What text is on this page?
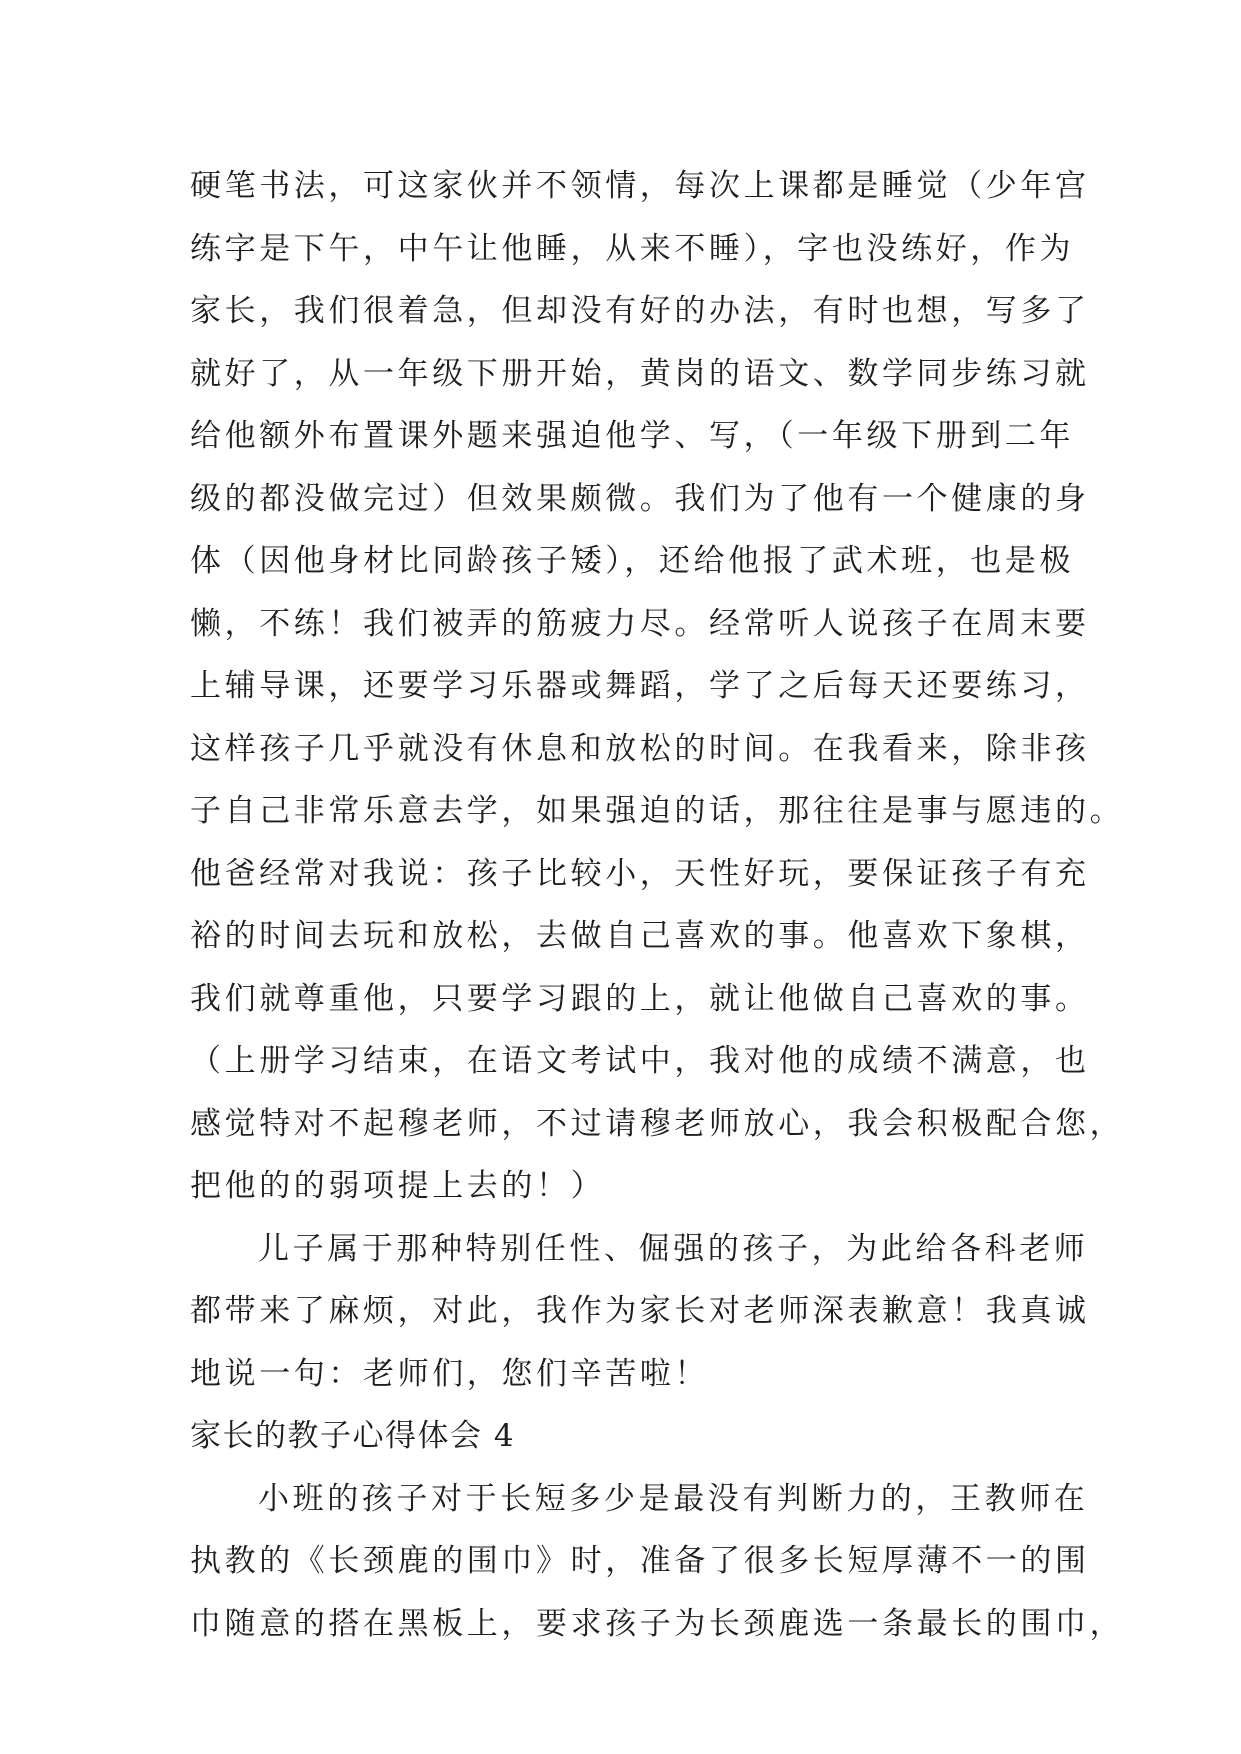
硬笔书法，可这家伙并不领情，每次上课都是睡觉（少年宫
练字是下午，中午让他睡，从来不睡），字也没练好，作为
家长，我们很着急，但却没有好的办法，有时也想，写多了
就好了，从一年级下册开始，黄岗的语文、数学同步练习就
给他额外布置课外题来强迫他学、写，（一年级下册到二年
级的都没做完过）但效果颇微。我们为了他有一个健康的身
体（因他身材比同龄孩子矮），还给他报了武术班，也是极
懒，不练！我们被弄的筋疲力尽。经常听人说孩子在周末要
上辅导课，还要学习乐器或舞蹈，学了之后每天还要练习，
这样孩子几乎就没有休息和放松的时间。在我看来，除非孩
子自己非常乐意去学，如果强迫的话，那往往是事与愿违的。
他爸经常对我说：孩子比较小，天性好玩，要保证孩子有充
裕的时间去玩和放松，去做自己喜欢的事。他喜欢下象棋，
我们就尊重他，只要学习跟的上，就让他做自己喜欢的事。
（上册学习结束，在语文考试中，我对他的成绩不满意，也
感觉特对不起穆老师，不过请穆老师放心，我会积极配合您，
把他的的弱项提上去的！）
儿子属于那种特别任性、倔强的孩子，为此给各科老师
都带来了麻烦，对此，我作为家长对老师深表歉意！我真诚
地说一句：老师们，您们辛苦啦！
家长的教子心得体会 4
小班的孩子对于长短多少是最没有判断力的，王教师在
执教的《长颈鹿的围巾》时，准备了很多长短厚薄不一的围
巾随意的搭在黑板上，要求孩子为长颈鹿选一条最长的围巾，
